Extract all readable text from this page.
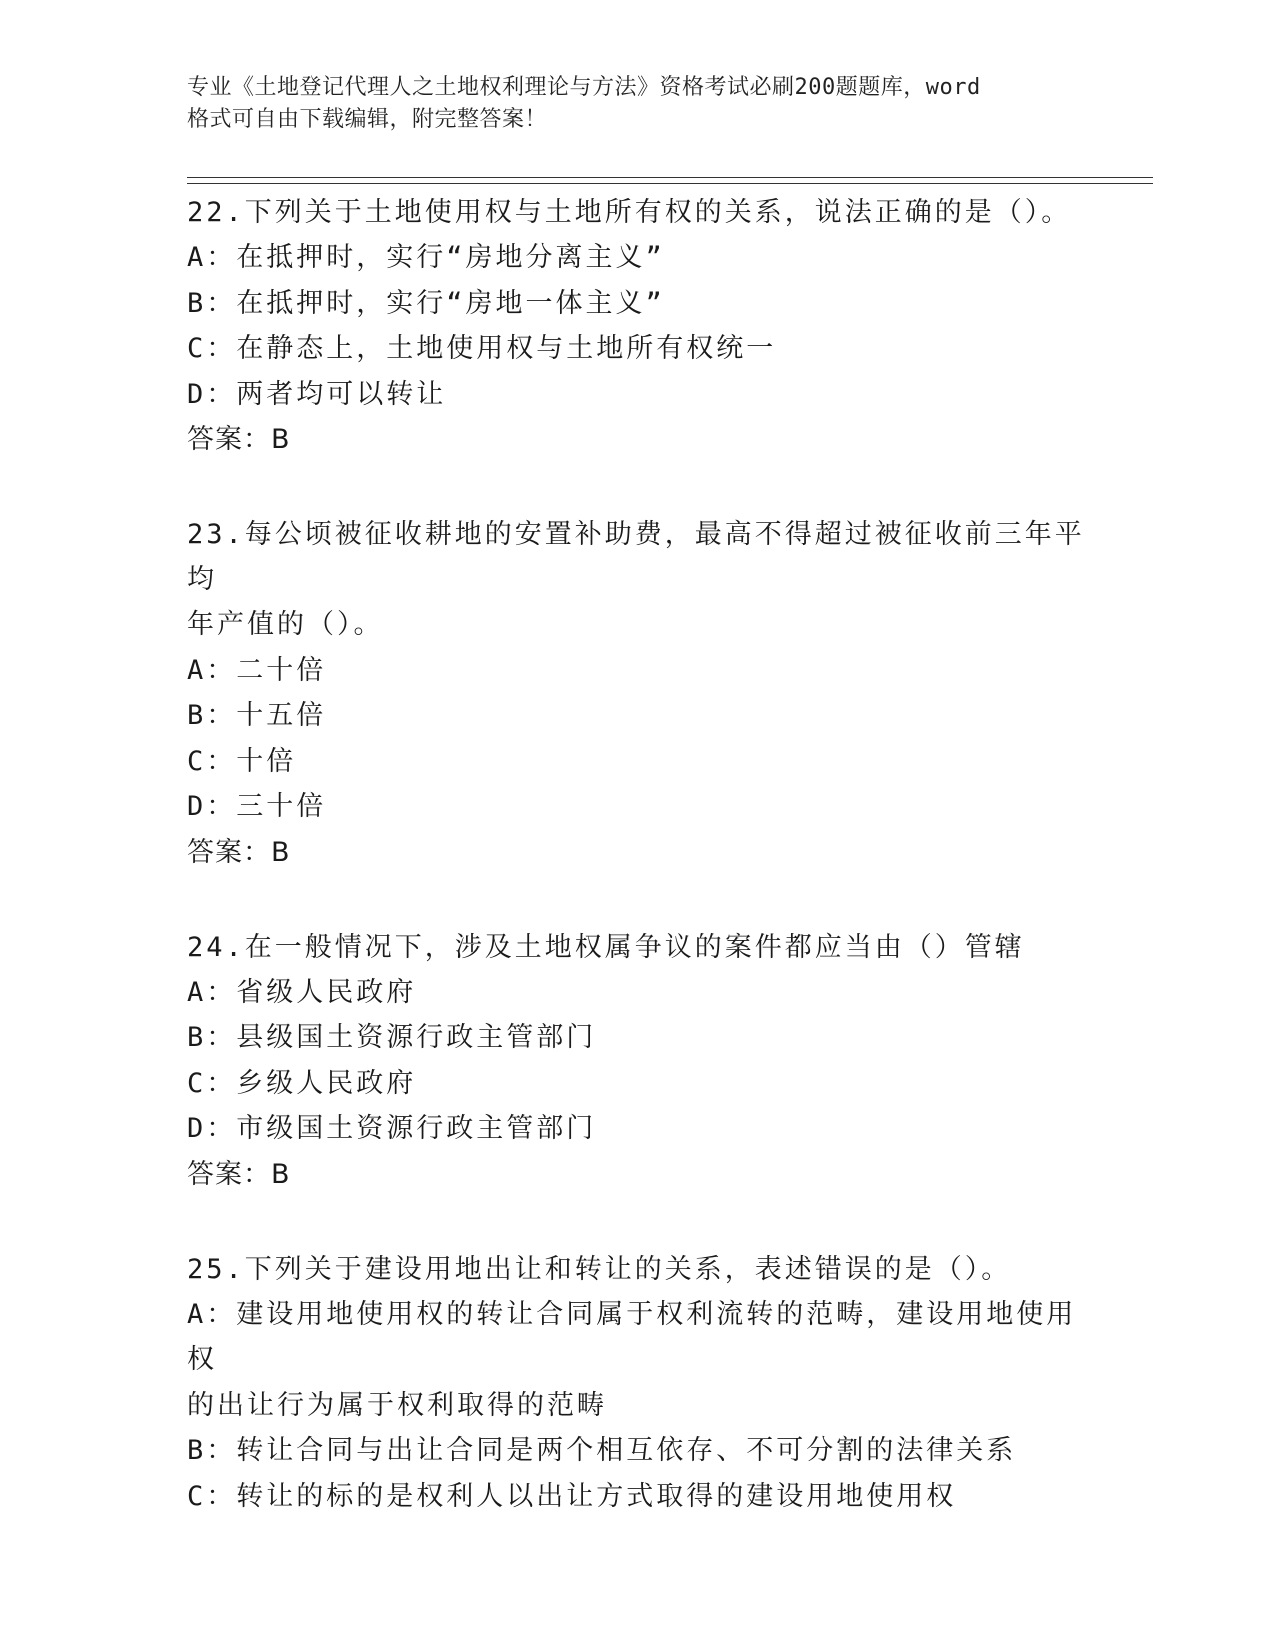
专业《土地登记代理人之土地权利理论与方法》资格考试必刷200题题库，word
格式可自由下载编辑，附完整答案！
22.下列关于土地使用权与土地所有权的关系，说法正确的是（）。
A：在抵押时，实行“房地分离主义”
B：在抵押时，实行“房地一体主义”
C：在静态上，土地使用权与土地所有权统一
D：两者均可以转让
答案：B
23.每公顷被征收耕地的安置补助费，最高不得超过被征收前三年平均
年产值的（）。
A：二十倍
B：十五倍
C：十倍
D：三十倍
答案：B
24.在一般情况下，涉及土地权属争议的案件都应当由（）管辖
A：省级人民政府
B：县级国土资源行政主管部门
C：乡级人民政府
D：市级国土资源行政主管部门
答案：B
25.下列关于建设用地出让和转让的关系，表述错误的是（）。
A：建设用地使用权的转让合同属于权利流转的范畴，建设用地使用权
的出让行为属于权利取得的范畴
B：转让合同与出让合同是两个相互依存、不可分割的法律关系
C：转让的标的是权利人以出让方式取得的建设用地使用权
